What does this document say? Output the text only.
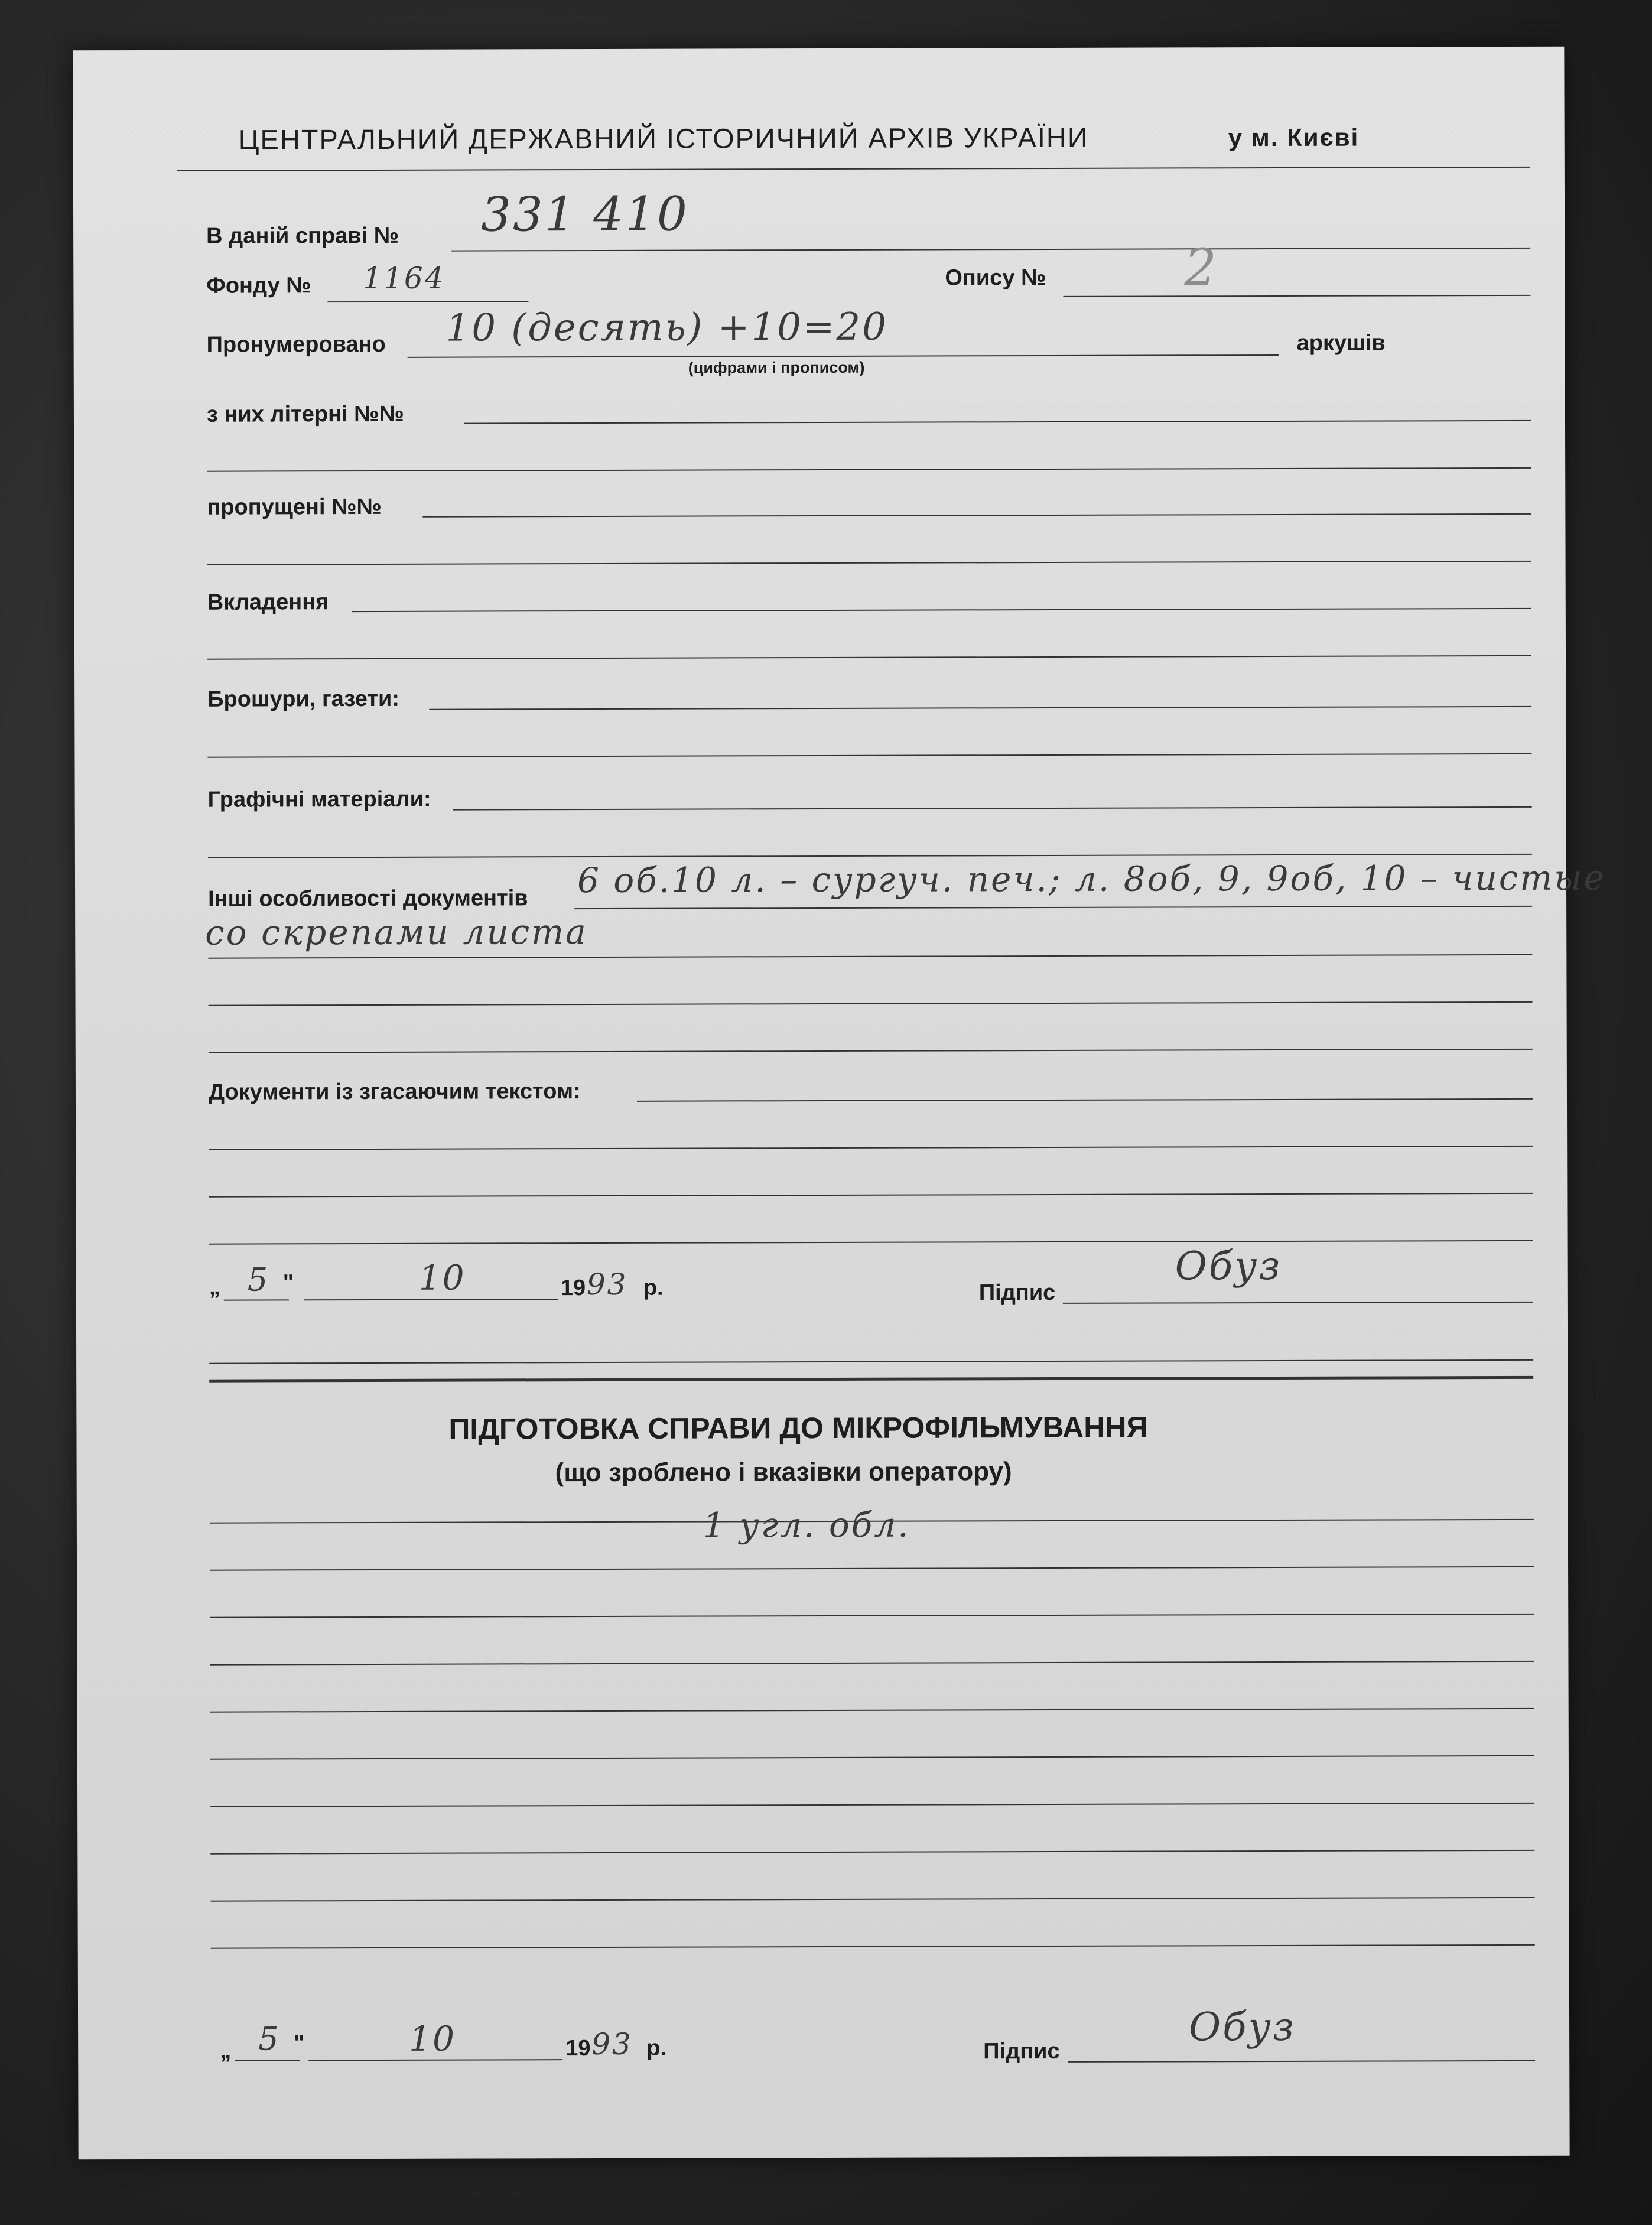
ЦЕНТРАЛЬНИЙ ДЕРЖАВНИЙ ІСТОРИЧНИЙ АРХІВ УКРАЇНИ	у м. Києві
В даній справі № 331 410
Фонду № 1164	Опису №	2
Пронумеровано 10 (десять) +10=20
(цифрами і прописом)
аркушів
з них літерні №№
пропущені №№
Вкладення
Брошури, газети:
Графічні матеріали:
Інші особливості документів 6 об.10 л. – сургуч. печ.; л. 8об, 9, 9об, 10 – чистые
со скрепами листа
Документи із згасаючим текстом:
„ 5 "	10	19 93 р.	Підпис
Обуз
ПІДГОТОВКА СПРАВИ ДО МІКРОФІЛЬМУВАННЯ
(що зроблено і вказівки оператору)
1 угл. обл.
„ 5 "	10	19 93 р.	Підпис
Обуз
